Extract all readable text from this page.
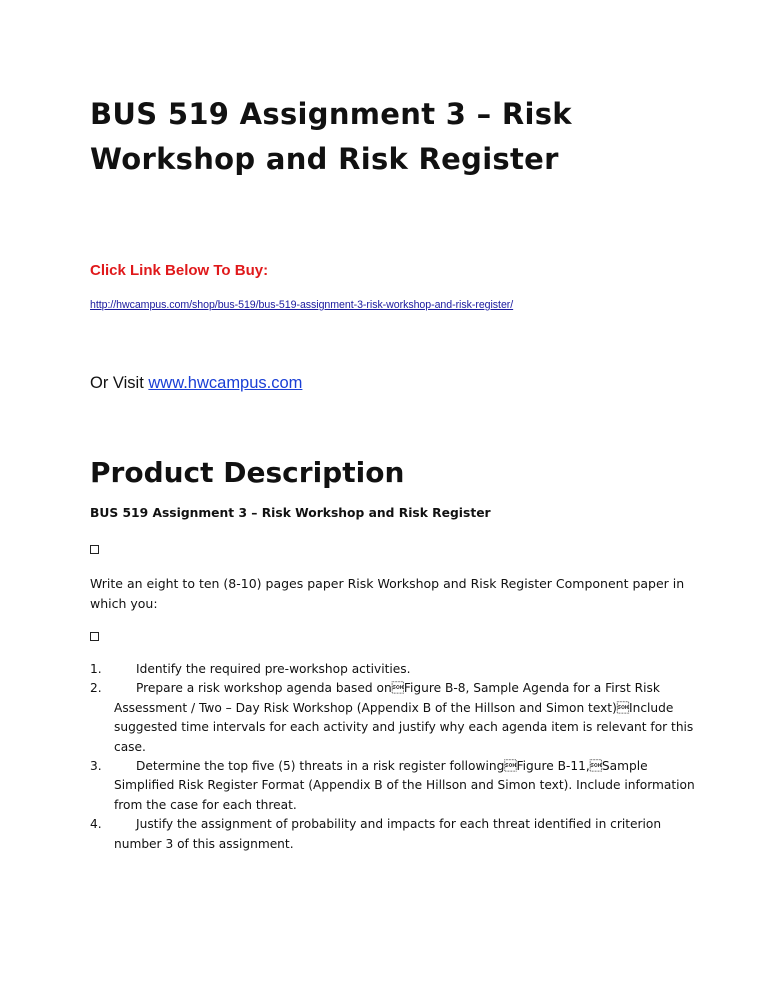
BUS 519 Assignment 3 – Risk Workshop and Risk Register
Click Link Below To Buy:
http://hwcampus.com/shop/bus-519/bus-519-assignment-3-risk-workshop-and-risk-register/
Or Visit www.hwcampus.com
Product Description
BUS 519 Assignment 3 – Risk Workshop and Risk Register
Write an eight to ten (8-10) pages paper Risk Workshop and Risk Register Component paper in which you:
1.	Identify the required pre-workshop activities.
2.	Prepare a risk workshop agenda based onFigure B-8, Sample Agenda for a First Risk Assessment / Two – Day Risk Workshop (Appendix B of the Hillson and Simon text)Include suggested time intervals for each activity and justify why each agenda item is relevant for this case.
3.	Determine the top five (5) threats in a risk register followingFigure B-11,Sample Simplified Risk Register Format (Appendix B of the Hillson and Simon text). Include information from the case for each threat.
4.	Justify the assignment of probability and impacts for each threat identified in criterion number 3 of this assignment.
